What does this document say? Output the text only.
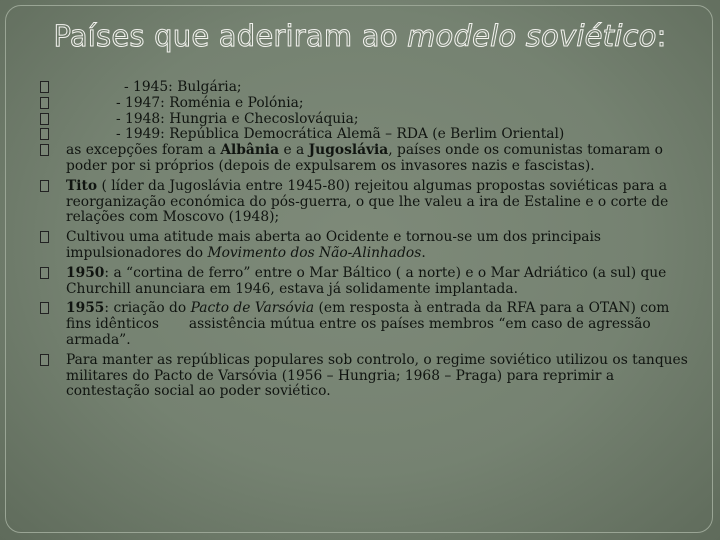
Países que aderiram ao modelo soviético:
- 1945: Bulgária;
- 1947: Roménia e Polónia;
- 1948: Hungria e Checoslováquia;
- 1949: República Democrática Alemã – RDA (e Berlim Oriental)
as excepções foram a Albânia e a Jugoslávia, países onde os comunistas tomaram o poder por si próprios (depois de expulsarem os invasores nazis e fascistas).
Tito ( líder da Jugoslávia entre 1945-80) rejeitou algumas propostas soviéticas para a reorganização económica do pós-guerra, o que lhe valeu a ira de Estaline e o corte de relações com Moscovo (1948);
Cultivou uma atitude mais aberta ao Ocidente e tornou-se um dos principais impulsionadores do Movimento dos Não-Alinhados.
1950: a “cortina de ferro” entre o Mar Báltico ( a norte) e o Mar Adriático (a sul) que Churchill anunciara em 1946, estava já solidamente implantada.
1955: criação do Pacto de Varsóvia (em resposta à entrada da RFA para a OTAN) com fins idênticos assistência mútua entre os países membros “em caso de agressão armada”.
Para manter as repúblicas populares sob controlo, o regime soviético utilizou os tanques militares do Pacto de Varsóvia (1956 – Hungria; 1968 – Praga) para reprimir a contestação social ao poder soviético.
